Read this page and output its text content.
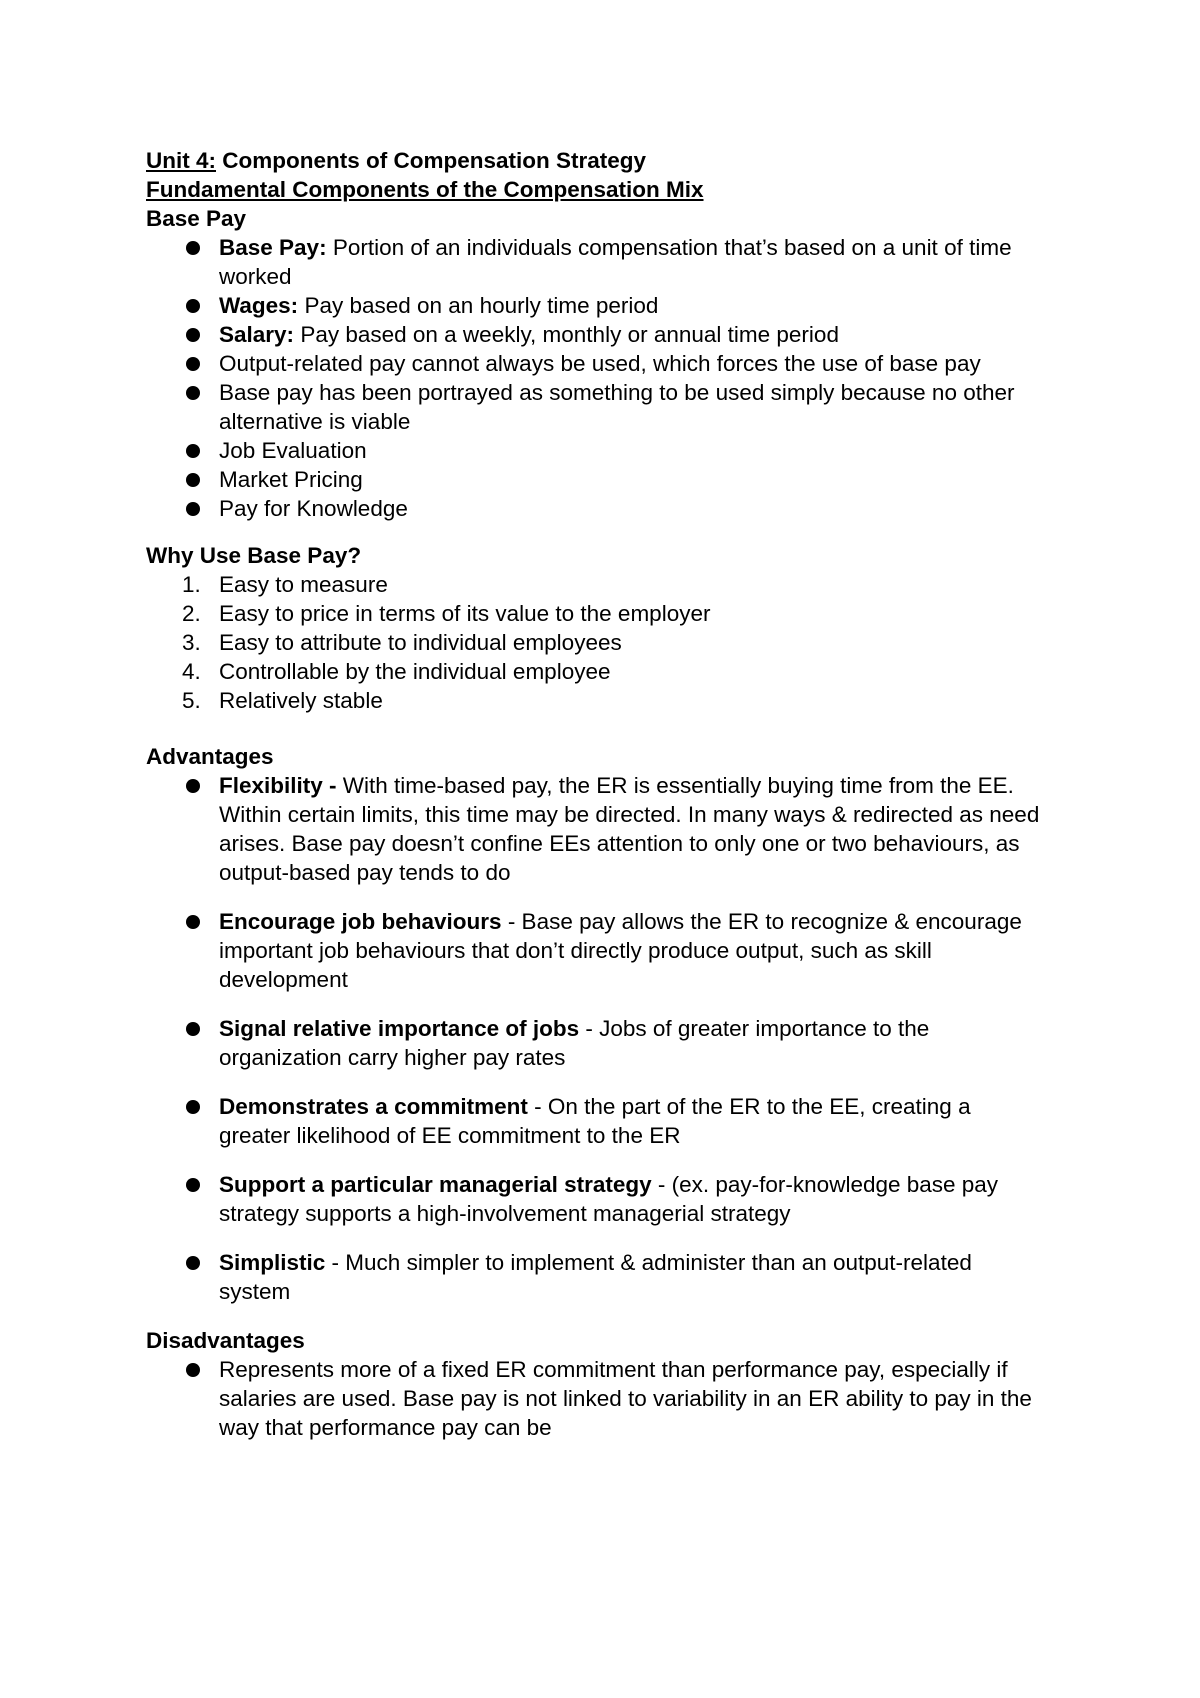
Unit 4: Components of Compensation Strategy

Fundamental Components of the Compensation Mix

Base Pay

Base Pay: Portion of an individuals compensation that’s based on a unit of time worked
Wages: Pay based on an hourly time period
Salary: Pay based on a weekly, monthly or annual time period
Output-related pay cannot always be used, which forces the use of base pay
Base pay has been portrayed as something to be used simply because no other alternative is viable
Job Evaluation
Market Pricing
Pay for Knowledge

Why Use Base Pay?

1. Easy to measure
2. Easy to price in terms of its value to the employer
3. Easy to attribute to individual employees
4. Controllable by the individual employee
5. Relatively stable

Advantages

Flexibility - With time-based pay, the ER is essentially buying time from the EE. Within certain limits, this time may be directed. In many ways & redirected as need arises. Base pay doesn’t confine EEs attention to only one or two behaviours, as output-based pay tends to do
Encourage job behaviours - Base pay allows the ER to recognize & encourage important job behaviours that don’t directly produce output, such as skill development
Signal relative importance of jobs - Jobs of greater importance to the organization carry higher pay rates
Demonstrates a commitment - On the part of the ER to the EE, creating a greater likelihood of EE commitment to the ER
Support a particular managerial strategy - (ex. pay-for-knowledge base pay strategy supports a high-involvement managerial strategy
Simplistic - Much simpler to implement & administer than an output-related system

Disadvantages

Represents more of a fixed ER commitment than performance pay, especially if salaries are used. Base pay is not linked to variability in an ER ability to pay in the way that performance pay can be
